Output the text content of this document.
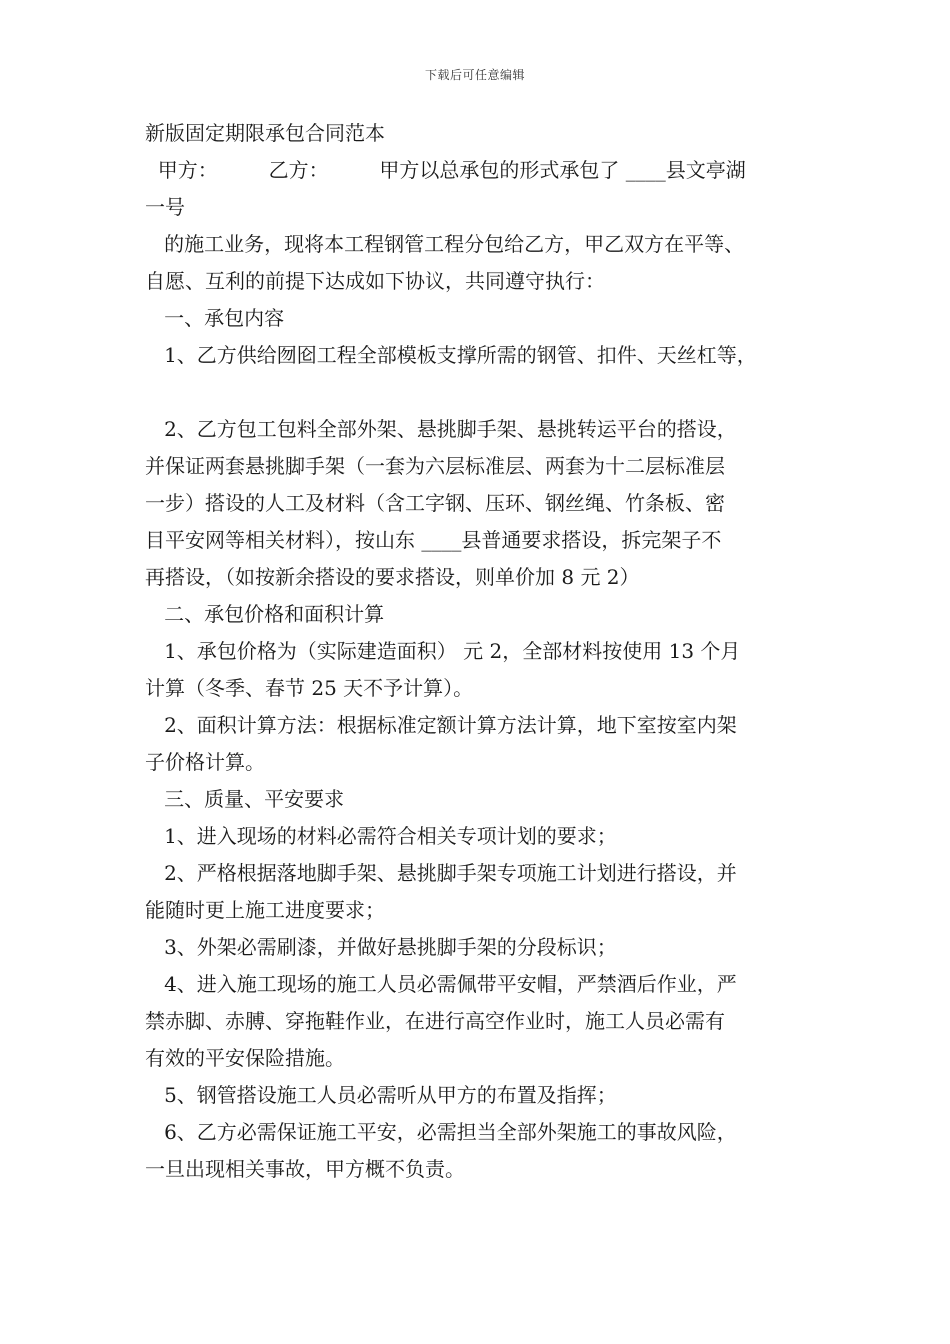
下载后可任意编辑
新版固定期限承包合同范本
甲方：        乙方：        甲方以总承包的形式承包了 ____县文亭湖
一号
的施工业务，现将本工程钢管工程分包给乙方，甲乙双方在平等、
自愿、互利的前提下达成如下协议，共同遵守执行：
一、承包内容
1、乙方供给囫囵工程全部模板支撑所需的钢管、扣件、天丝杠等，
2、乙方包工包料全部外架、悬挑脚手架、悬挑转运平台的搭设，
并保证两套悬挑脚手架（一套为六层标准层、两套为十二层标准层
一步）搭设的人工及材料（含工字钢、压环、钢丝绳、竹条板、密
目平安网等相关材料），按山东 ____县普通要求搭设，拆完架子不
再搭设，（如按新余搭设的要求搭设，则单价加 8 元 2）
二、承包价格和面积计算
1、承包价格为（实际建造面积） 元 2，全部材料按使用 13 个月
计算（冬季、春节 25 天不予计算）。
2、面积计算方法：根据标准定额计算方法计算，地下室按室内架
子价格计算。
三、质量、平安要求
1、进入现场的材料必需符合相关专项计划的要求；
2、严格根据落地脚手架、悬挑脚手架专项施工计划进行搭设，并
能随时更上施工进度要求；
3、外架必需刷漆，并做好悬挑脚手架的分段标识；
4、进入施工现场的施工人员必需佩带平安帽，严禁酒后作业，严
禁赤脚、赤膊、穿拖鞋作业，在进行高空作业时，施工人员必需有
有效的平安保险措施。
5、钢管搭设施工人员必需听从甲方的布置及指挥；
6、乙方必需保证施工平安，必需担当全部外架施工的事故风险，
一旦出现相关事故，甲方概不负责。
